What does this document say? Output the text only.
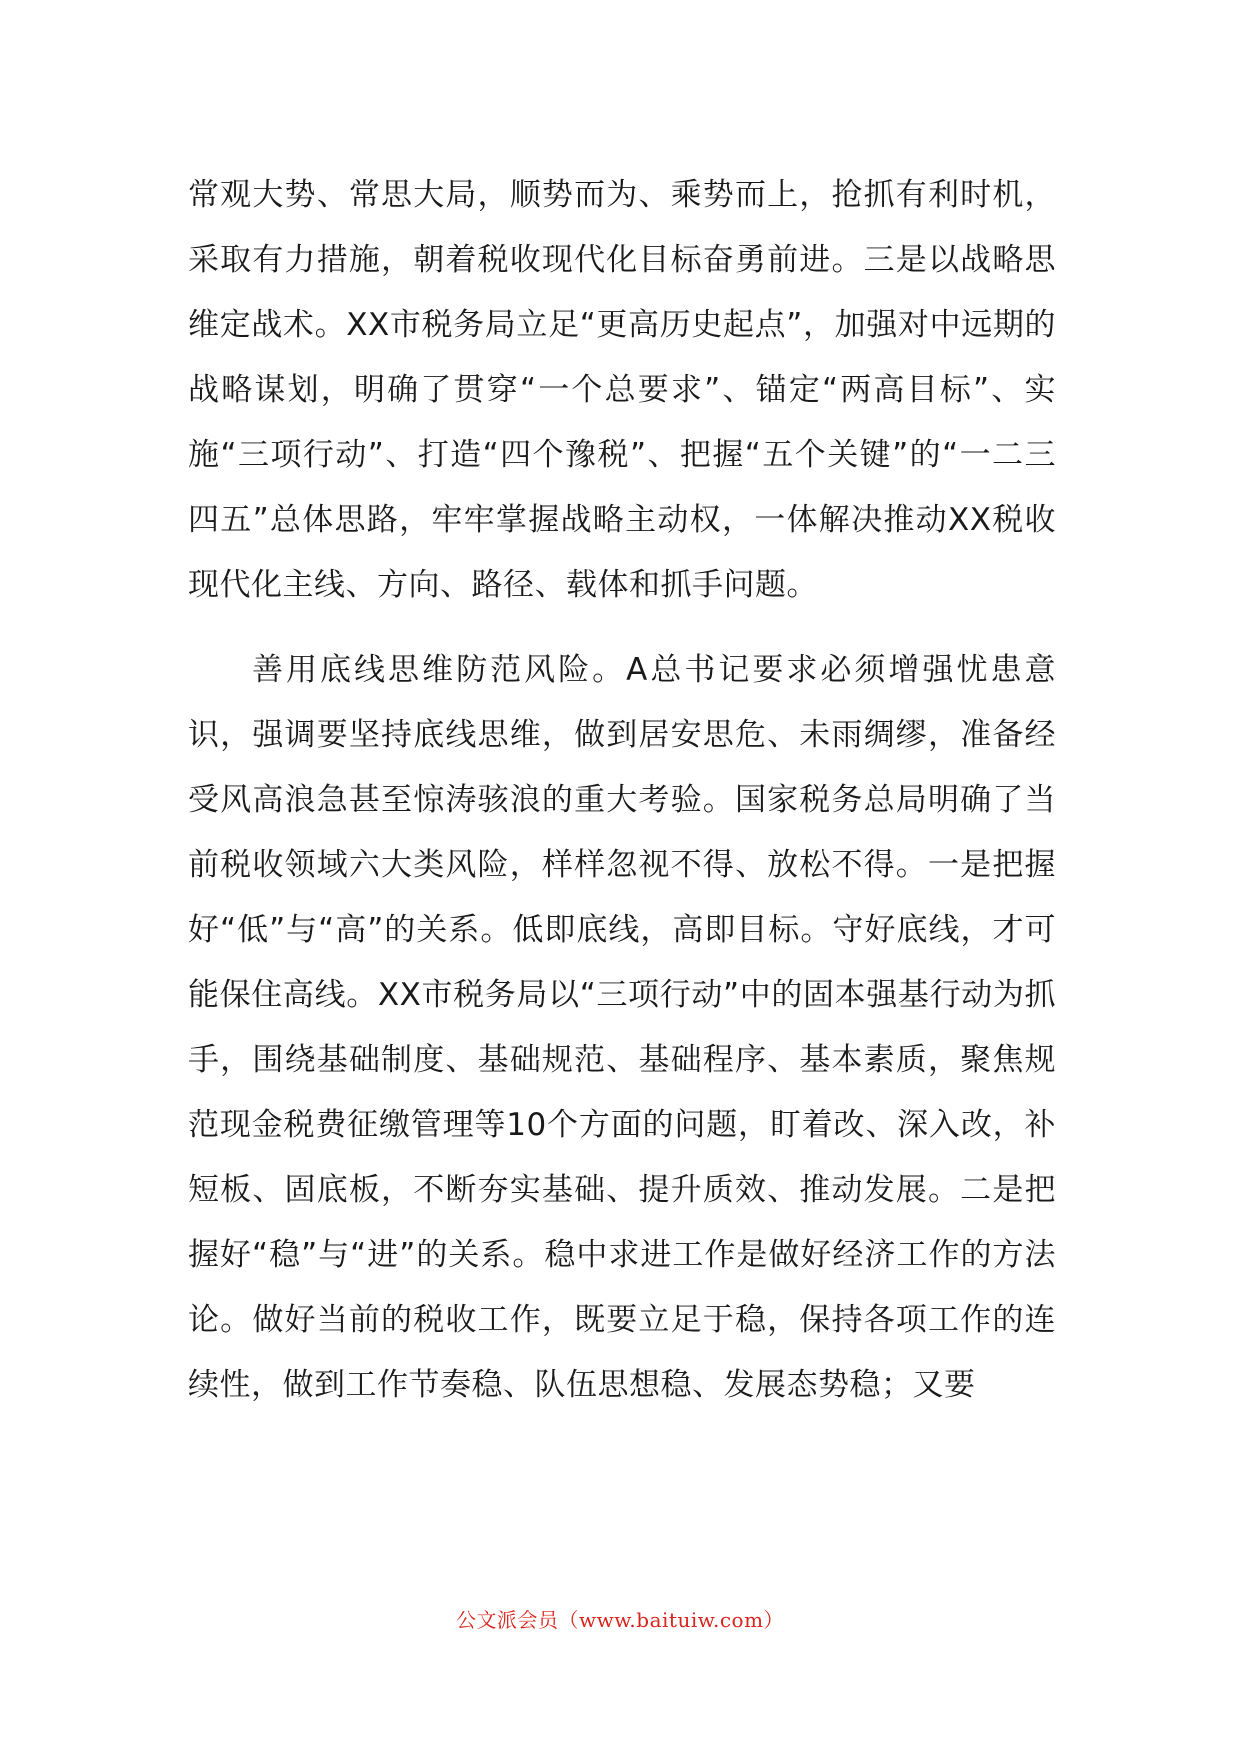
常观大势、常思大局，顺势而为、乘势而上，抢抓有利时机，采取有力措施，朝着税收现代化目标奋勇前进。三是以战略思维定战术。XX市税务局立足“更高历史起点”，加强对中远期的战略谋划，明确了贯穿“一个总要求”、锚定“两高目标”、实施“三项行动”、打造“四个豫税”、把握“五个关键”的“一二三四五”总体思路，牢牢掌握战略主动权，一体解决推动XX税收现代化主线、方向、路径、载体和抓手问题。

善用底线思维防范风险。A总书记要求必须增强忧患意识，强调要坚持底线思维，做到居安思危、未雨绸缪，准备经受风高浪急甚至惊涛骇浪的重大考验。国家税务总局明确了当前税收领域六大类风险，样样忽视不得、放松不得。一是把握好“低”与“高”的关系。低即底线，高即目标。守好底线，才可能保住高线。XX市税务局以“三项行动”中的固本强基行动为抓手，围绕基础制度、基础规范、基础程序、基本素质，聚焦规范现金税费征缴管理等10个方面的问题，盯着改、深入改，补短板、固底板，不断夯实基础、提升质效、推动发展。二是把握好“稳”与“进”的关系。稳中求进工作是做好经济工作的方法论。做好当前的税收工作，既要立足于稳，保持各项工作的连续性，做到工作节奏稳、队伍思想稳、发展态势稳；又要

公文派会员（www.baituiw.com）
